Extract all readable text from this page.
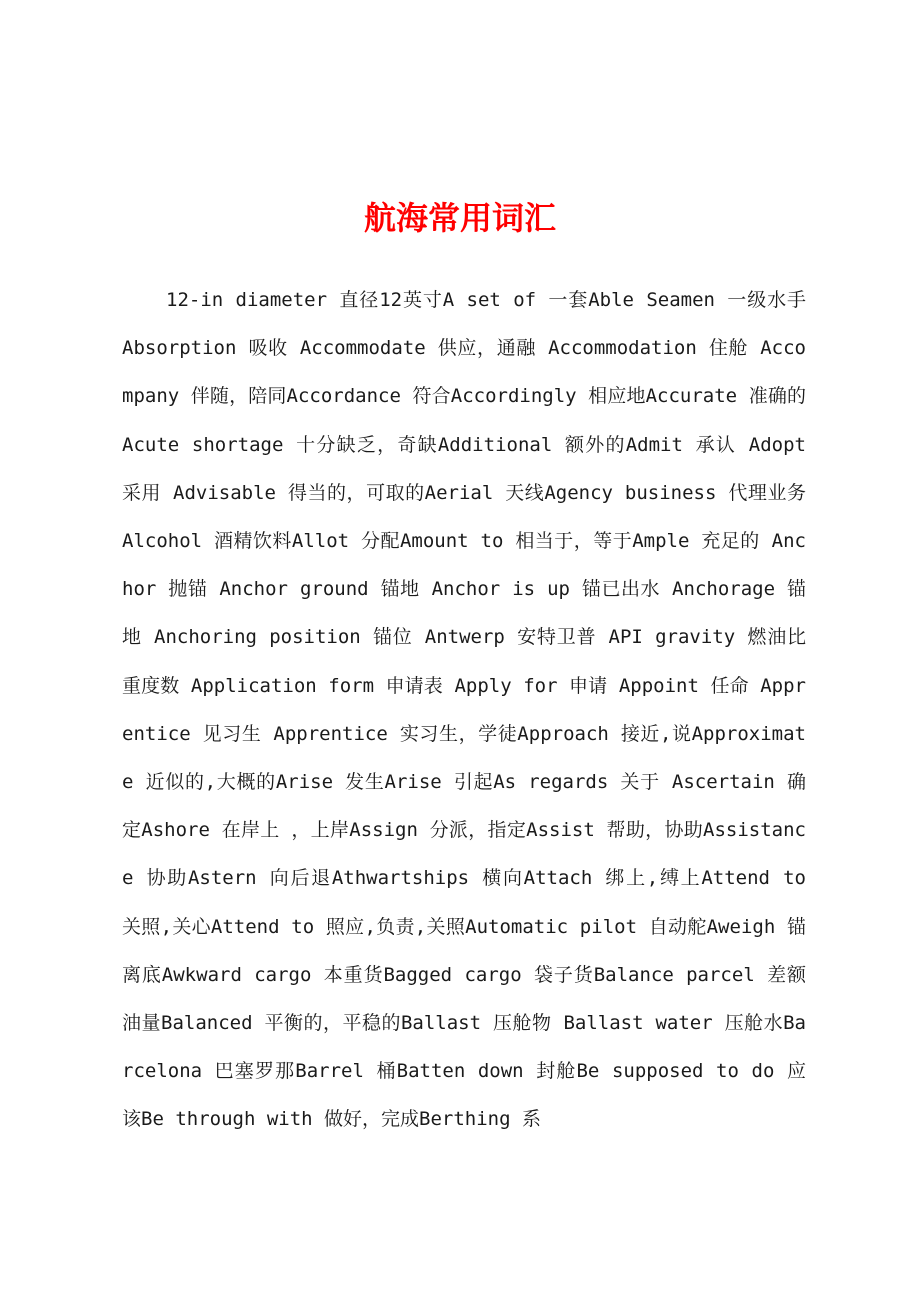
航海常用词汇

12-in diameter 直径12英寸A set of 一套Able Seamen 一级水手 Absorption 吸收 Accommodate 供应，通融 Accommodation 住舱 Accompany 伴随，陪同Accordance 符合Accordingly 相应地Accurate 准确的Acute shortage 十分缺乏，奇缺Additional 额外的Admit 承认 Adopt 采用 Advisable 得当的，可取的Aerial 天线Agency business 代理业务Alcohol 酒精饮料Allot 分配Amount to 相当于，等于Ample 充足的 Anchor 抛锚 Anchor ground 锚地 Anchor is up 锚已出水 Anchorage 锚地 Anchoring position 锚位 Antwerp 安特卫普 API gravity 燃油比重度数 Application form 申请表 Apply for 申请 Appoint 任命 Apprentice 见习生 Apprentice 实习生，学徒Approach 接近,说Approximate 近似的,大概的Arise 发生Arise 引起As regards 关于 Ascertain 确定Ashore 在岸上 ，上岸Assign 分派，指定Assist 帮助，协助Assistance 协助Astern 向后退Athwartships 横向Attach 绑上,缚上Attend to 关照,关心Attend to 照应,负责,关照Automatic pilot 自动舵Aweigh 锚离底Awkward cargo 本重货Bagged cargo 袋子货Balance parcel 差额油量Balanced 平衡的，平稳的Ballast 压舱物 Ballast water 压舱水Barcelona 巴塞罗那Barrel 桶Batten down 封舱Be supposed to do 应该Be through with 做好，完成Berthing 系
